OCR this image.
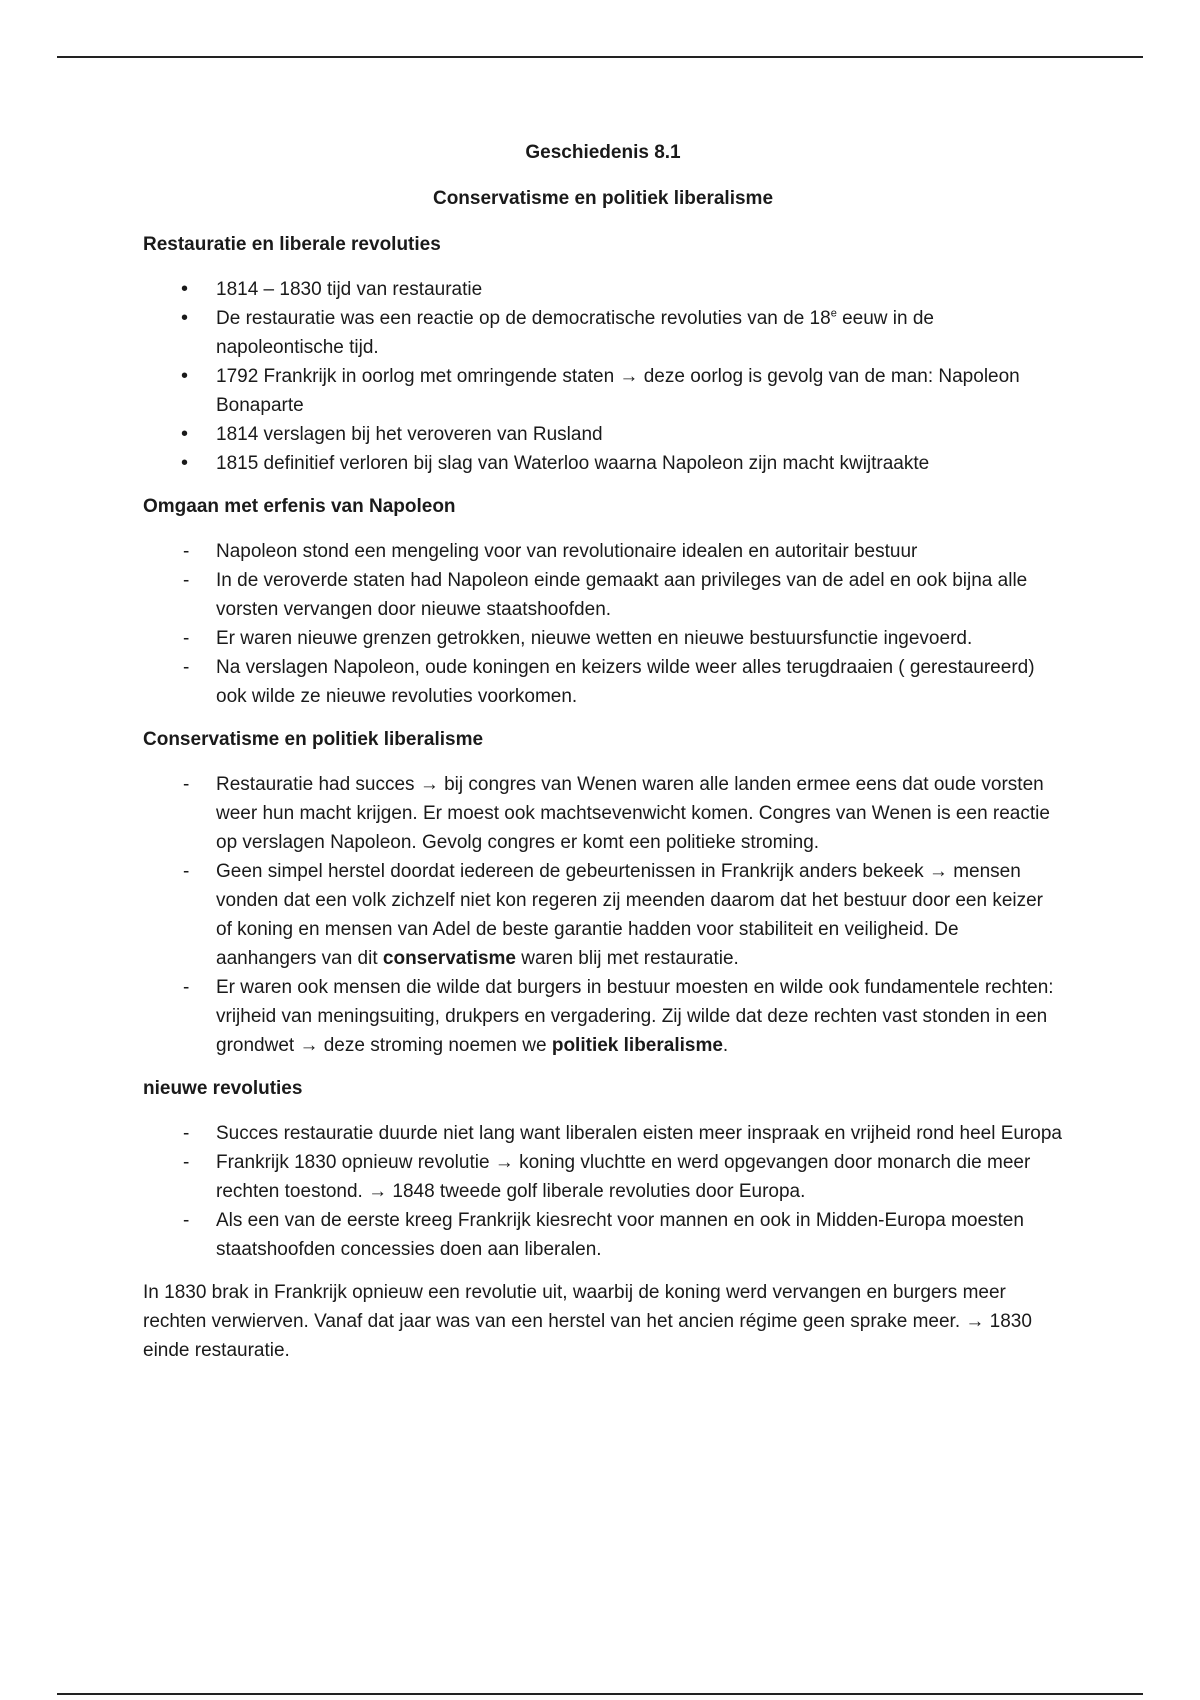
Geschiedenis 8.1

Conservatisme en politiek liberalisme

Restauratie en liberale revoluties

•	1814 – 1830 tijd van restauratie
•	De restauratie was een reactie op de democratische revoluties van de 18e eeuw in de napoleontische tijd.
•	1792 Frankrijk in oorlog met omringende staten → deze oorlog is gevolg van de man: Napoleon Bonaparte
•	1814 verslagen bij het veroveren van Rusland
•	1815 definitief verloren bij slag van Waterloo waarna Napoleon zijn macht kwijtraakte

Omgaan met erfenis van Napoleon

-	Napoleon stond een mengeling voor van revolutionaire idealen en autoritair bestuur
-	In de veroverde staten had Napoleon einde gemaakt aan privileges van de adel en ook bijna alle vorsten vervangen door nieuwe staatshoofden.
-	Er waren nieuwe grenzen getrokken, nieuwe wetten en nieuwe bestuursfunctie ingevoerd.
-	Na verslagen Napoleon, oude koningen en keizers wilde weer alles terugdraaien ( gerestaureerd) ook wilde ze nieuwe revoluties voorkomen.

Conservatisme en politiek liberalisme

-	Restauratie had succes → bij congres van Wenen waren alle landen ermee eens dat oude vorsten weer hun macht krijgen. Er moest ook machtsevenwicht komen. Congres van Wenen is een reactie op verslagen Napoleon. Gevolg congres er komt een politieke stroming.
-	Geen simpel herstel doordat iedereen de gebeurtenissen in Frankrijk anders bekeek → mensen vonden dat een volk zichzelf niet kon regeren zij meenden daarom dat het bestuur door een keizer of koning en mensen van Adel de beste garantie hadden voor stabiliteit en veiligheid. De aanhangers van dit conservatisme waren blij met restauratie.
-	Er waren ook mensen die wilde dat burgers in bestuur moesten en wilde ook fundamentele rechten: vrijheid van meningsuiting, drukpers en vergadering. Zij wilde dat deze rechten vast stonden in een grondwet → deze stroming noemen we politiek liberalisme.

nieuwe revoluties

-	Succes restauratie duurde niet lang want liberalen eisten meer inspraak en vrijheid rond heel Europa
-	Frankrijk 1830 opnieuw revolutie → koning vluchtte en werd opgevangen door monarch die meer rechten toestond. → 1848 tweede golf liberale revoluties door Europa.
-	Als een van de eerste kreeg Frankrijk kiesrecht voor mannen en ook in Midden-Europa moesten staatshoofden concessies doen aan liberalen.

In 1830 brak in Frankrijk opnieuw een revolutie uit, waarbij de koning werd vervangen en burgers meer rechten verwierven. Vanaf dat jaar was van een herstel van het ancien régime geen sprake meer. → 1830 einde restauratie.
